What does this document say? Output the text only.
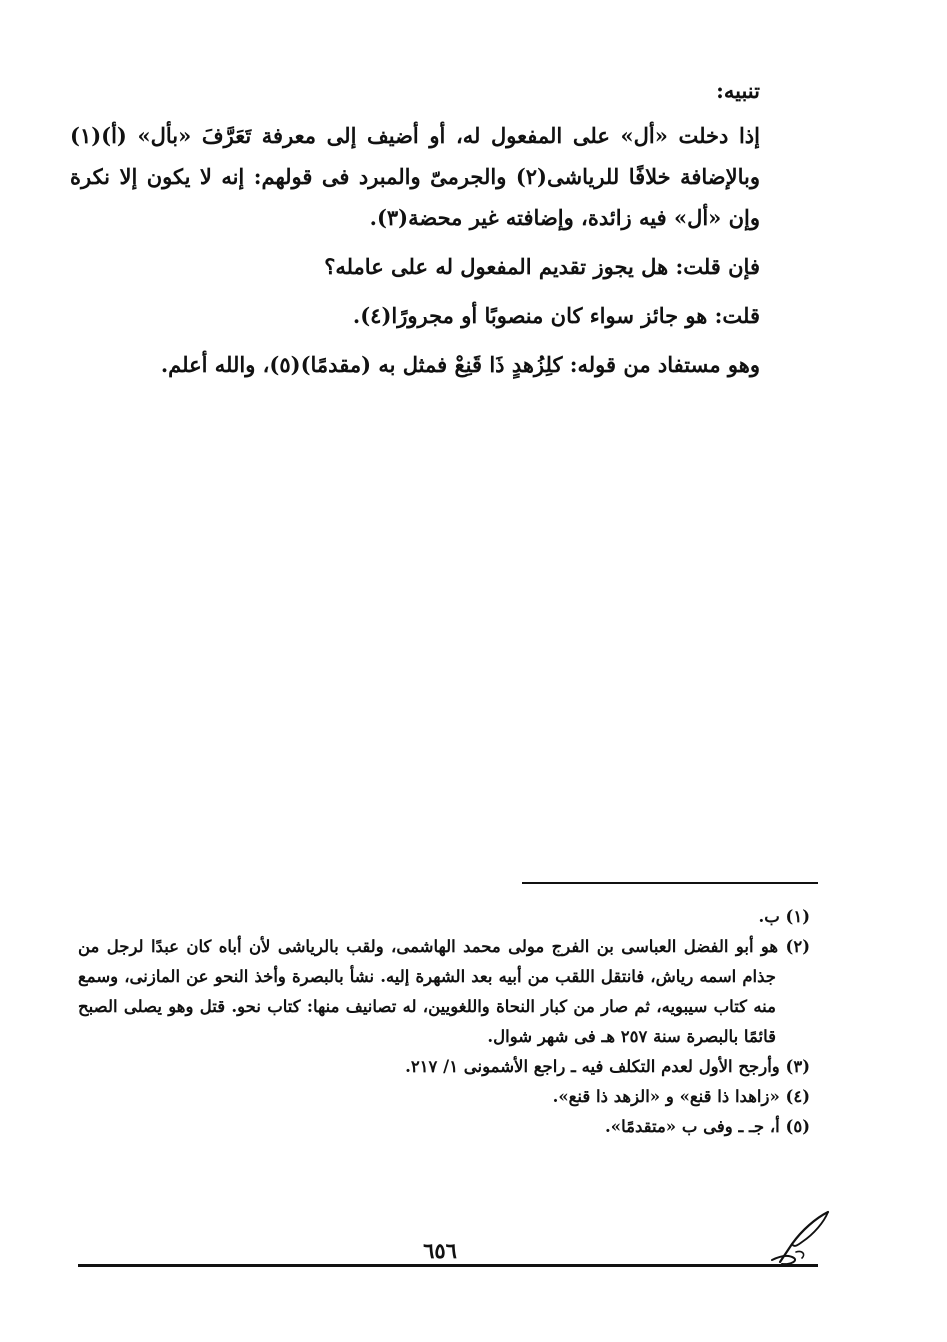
تنبيه:

إذا دخلت «أل» على المفعول له، أو أضيف إلى معرفة تَعَرَّفَ «بأل» (أ)(١) وبالإضافة خلافًا للرياشى(٢) والجرمىّ والمبرد فى قولهم: إنه لا يكون إلا نكرة وإن «أل» فيه زائدة، وإضافته غير محضة(٣).

فإن قلت: هل يجوز تقديم المفعول له على عامله؟

قلت: هو جائز سواء كان منصوبًا أو مجرورًا(٤).

وهو مستفاد من قوله: كلِزُهدٍ ذَا قَنِعْ فمثل به (مقدمًا)(٥)، والله أعلم.

(١) ب.

(٢) هو أبو الفضل العباسى بن الفرج مولى محمد الهاشمى، ولقب بالرياشى لأن أباه كان عبدًا لرجل من جذام اسمه رياش، فانتقل اللقب من أبيه بعد الشهرة إليه. نشأ بالبصرة وأخذ النحو عن المازنى، وسمع منه كتاب سيبويه، ثم صار من كبار النحاة واللغويين، له تصانيف منها: كتاب نحو. قتل وهو يصلى الصبح قائمًا بالبصرة سنة ٢٥٧ هـ فى شهر شوال.

(٣) وأرجح الأول لعدم التكلف فيه ـ راجع الأشمونى ١/ ٢١٧.

(٤) «زاهدا ذا قنع» و «الزهد ذا قنع».

(٥) أ، جـ ـ وفى ب «متقدمًا».

٦٥٦
